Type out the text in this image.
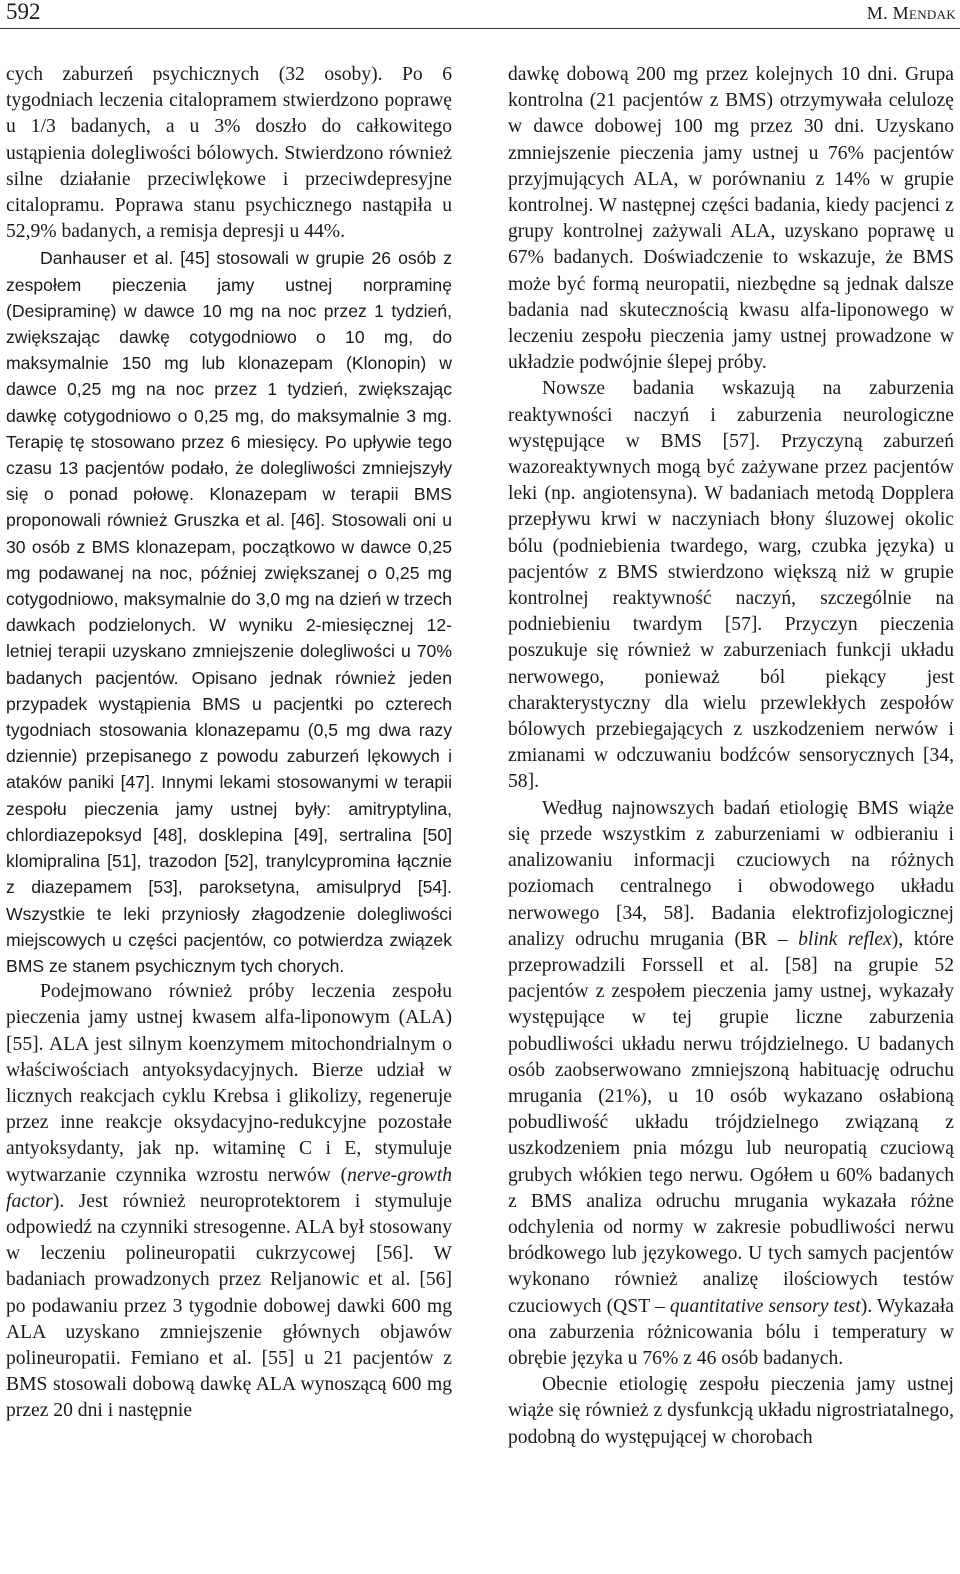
592	M. MENDAK

cych zaburzeń psychicznych (32 osoby). Po 6 tygodniach leczenia citalopramem stwierdzono poprawę u 1/3 badanych, a u 3% doszło do całkowitego ustąpienia dolegliwości bólowych. Stwierdzono również silne działanie przeciwlękowe i przeciwdepresyjne citalopramu. Poprawa stanu psychicznego nastąpiła u 52,9% badanych, a remisja depresji u 44%.

Danhauser et al. [45] stosowali w grupie 26 osób z zespołem pieczenia jamy ustnej norpraminę (Desipraminę) w dawce 10 mg na noc przez 1 tydzień, zwiększając dawkę cotygodniowo o 10 mg, do maksymalnie 150 mg lub klonazepam (Klonopin) w dawce 0,25 mg na noc przez 1 tydzień, zwiększając dawkę cotygodniowo o 0,25 mg, do maksymalnie 3 mg. Terapię tę stosowano przez 6 miesięcy. Po upływie tego czasu 13 pacjentów podało, że dolegliwości zmniejszyły się o ponad połowę. Klonazepam w terapii BMS proponowali również Gruszka et al. [46]. Stosowali oni u 30 osób z BMS klonazepam, początkowo w dawce 0,25 mg podawanej na noc, później zwiększanej o 0,25 mg cotygodniowo, maksymalnie do 3,0 mg na dzień w trzech dawkach podzielonych. W wyniku 2-miesięcznej 12-letniej terapii uzyskano zmniejszenie dolegliwości u 70% badanych pacjentów. Opisano jednak również jeden przypadek wystąpienia BMS u pacjentki po czterech tygodniach stosowania klonazepamu (0,5 mg dwa razy dziennie) przepisanego z powodu zaburzeń lękowych i ataków paniki [47]. Innymi lekami stosowanymi w terapii zespołu pieczenia jamy ustnej były: amitryptylina, chlordiazepoksyd [48], dosklepina [49], sertralina [50] klomipralina [51], trazodon [52], tranylcypromina łącznie z diazepamem [53], paroksetyna, amisulpryd [54]. Wszystkie te leki przyniosły złagodzenie dolegliwości miejscowych u części pacjentów, co potwierdza związek BMS ze stanem psychicznym tych chorych.

Podejmowano również próby leczenia zespołu pieczenia jamy ustnej kwasem alfa-liponowym (ALA) [55]. ALA jest silnym koenzymem mitochondrialnym o właściwościach antyoksydacyjnych. Bierze udział w licznych reakcjach cyklu Krebsa i glikolizy, regeneruje przez inne reakcje oksydacyjno-redukcyjne pozostałe antyoksydanty, jak np. witaminę C i E, stymuluje wytwarzanie czynnika wzrostu nerwów (nerve-growth factor). Jest również neuroprotektorem i stymuluje odpowiedź na czynniki stresogenne. ALA był stosowany w leczeniu polineuropatii cukrzycowej [56]. W badaniach prowadzonych przez Reljanowic et al. [56] po podawaniu przez 3 tygodnie dobowej dawki 600 mg ALA uzyskano zmniejszenie głównych objawów polineuropatii. Femiano et al. [55] u 21 pacjentów z BMS stosowali dobową dawkę ALA wynoszącą 600 mg przez 20 dni i następnie

dawkę dobową 200 mg przez kolejnych 10 dni. Grupa kontrolna (21 pacjentów z BMS) otrzymywała celulozę w dawce dobowej 100 mg przez 30 dni. Uzyskano zmniejszenie pieczenia jamy ustnej u 76% pacjentów przyjmujących ALA, w porównaniu z 14% w grupie kontrolnej. W następnej części badania, kiedy pacjenci z grupy kontrolnej zażywali ALA, uzyskano poprawę u 67% badanych. Doświadczenie to wskazuje, że BMS może być formą neuropatii, niezbędne są jednak dalsze badania nad skutecznością kwasu alfa-liponowego w leczeniu zespołu pieczenia jamy ustnej prowadzone w układzie podwójnie ślepej próby.

Nowsze badania wskazują na zaburzenia reaktywności naczyń i zaburzenia neurologiczne występujące w BMS [57]. Przyczyną zaburzeń wazoreaktywnych mogą być zażywane przez pacjentów leki (np. angiotensyna). W badaniach metodą Dopplera przepływu krwi w naczyniach błony śluzowej okolic bólu (podniebienia twardego, warg, czubka języka) u pacjentów z BMS stwierdzono większą niż w grupie kontrolnej reaktywność naczyń, szczególnie na podniebieniu twardym [57]. Przyczyn pieczenia poszukuje się również w zaburzeniach funkcji układu nerwowego, ponieważ ból piekący jest charakterystyczny dla wielu przewlekłych zespołów bólowych przebiegających z uszkodzeniem nerwów i zmianami w odczuwaniu bodźców sensorycznych [34, 58].

Według najnowszych badań etiologię BMS wiąże się przede wszystkim z zaburzeniami w odbieraniu i analizowaniu informacji czuciowych na różnych poziomach centralnego i obwodowego układu nerwowego [34, 58]. Badania elektrofizjologicznej analizy odruchu mrugania (BR – blink reflex), które przeprowadzili Forssell et al. [58] na grupie 52 pacjentów z zespołem pieczenia jamy ustnej, wykazały występujące w tej grupie liczne zaburzenia pobudliwości układu nerwu trójdzielnego. U badanych osób zaobserwowano zmniejszoną habituację odruchu mrugania (21%), u 10 osób wykazano osłabioną pobudliwość układu trójdzielnego związaną z uszkodzeniem pnia mózgu lub neuropatią czuciową grubych włókien tego nerwu. Ogółem u 60% badanych z BMS analiza odruchu mrugania wykazała różne odchylenia od normy w zakresie pobudliwości nerwu bródkowego lub językowego. U tych samych pacjentów wykonano również analizę ilościowych testów czuciowych (QST – quantitative sensory test). Wykazała ona zaburzenia różnicowania bólu i temperatury w obrębie języka u 76% z 46 osób badanych.

Obecnie etiologię zespołu pieczenia jamy ustnej wiąże się również z dysfunkcją układu nigrostriatalnego, podobną do występującej w chorobach
